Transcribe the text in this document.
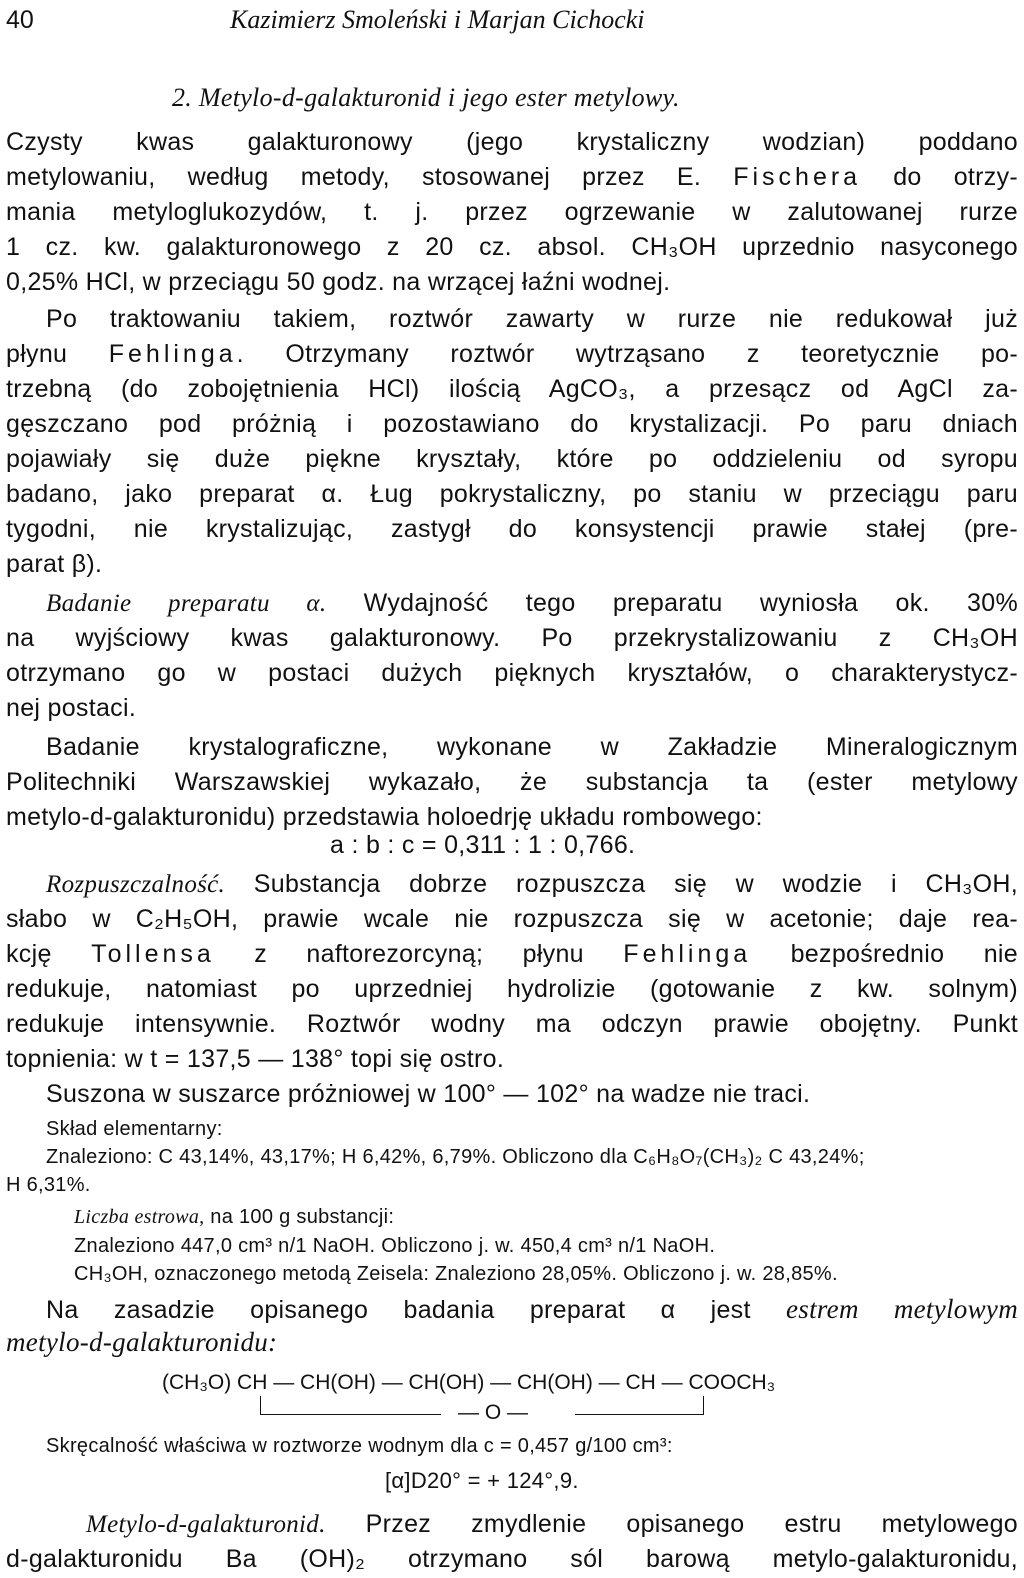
40	Kazimierz Smoleński i Marjan Cichocki
2. Metylo-d-galakturonid i jego ester metylowy.
Czysty kwas galakturonowy (jego krystaliczny wodzian) poddano
metylowaniu, według metody, stosowanej przez E. Fischera do otrzy-
mania metyloglukozydów, t. j. przez ogrzewanie w zalutowanej rurze
1 cz. kw. galakturonowego z 20 cz. absol. CH₃OH uprzednio nasyconego
0,25% HCl, w przeciągu 50 godz. na wrzącej łaźni wodnej.
Po traktowaniu takiem, roztwór zawarty w rurze nie redukował już
płynu Fehlinga. Otrzymany roztwór wytrząsano z teoretycznie po-
trzebną (do zobojętnienia HCl) ilością AgCO₃, a przesącz od AgCl za-
gęszczano pod próżnią i pozostawiano do krystalizacji. Po paru dniach
pojawiały się duże piękne kryształy, które po oddzieleniu od syropu
badano, jako preparat α. Ług pokrystaliczny, po staniu w przeciągu paru
tygodni, nie krystalizując, zastygł do konsystencji prawie stałej (pre-
parat β).
Badanie preparatu α. Wydajność tego preparatu wyniosła ok. 30%
na wyjściowy kwas galakturonowy. Po przekrystalizowaniu z CH₃OH
otrzymano go w postaci dużych pięknych kryształów, o charakterystycz-
nej postaci.
Badanie krystalograficzne, wykonane w Zakładzie Mineralogicznym
Politechniki Warszawskiej wykazało, że substancja ta (ester metylowy
metylo-d-galakturonidu) przedstawia holoedrję układu rombowego:
a : b : c = 0,311 : 1 : 0,766.
Rozpuszczalność. Substancja dobrze rozpuszcza się w wodzie i CH₃OH,
słabo w C₂H₅OH, prawie wcale nie rozpuszcza się w acetonie; daje rea-
kcję Tollensa z naftorezorcyną; płynu Fehlinga bezpośrednio nie
redukuje, natomiast po uprzedniej hydrolizie (gotowanie z kw. solnym)
redukuje intensywnie. Roztwór wodny ma odczyn prawie obojętny. Punkt
topnienia: w t = 137,5 — 138° topi się ostro.
Suszona w suszarce próżniowej w 100° — 102° na wadze nie traci.
Skład elementarny:
Znaleziono: C 43,14%, 43,17%; H 6,42%, 6,79%. Obliczono dla C₆H₈O₇(CH₃)₂ C 43,24%;
H 6,31%.
Liczba estrowa, na 100 g substancji:
Znaleziono 447,0 cm³ n/1 NaOH. Obliczono j. w. 450,4 cm³ n/1 NaOH.
CH₃OH, oznaczonego metodą Zeisela: Znaleziono 28,05%. Obliczono j. w. 28,85%.
Na zasadzie opisanego badania preparat α jest estrem metylowym
metylo-d-galakturonidu:
(CH₃O) CH — CH(OH) — CH(OH) — CH(OH) — CH — COOCH₃
— O —
Skręcalność właściwa w roztworze wodnym dla c = 0,457 g/100 cm³:
[α]D20° = + 124°,9.
Metylo-d-galakturonid. Przez zmydlenie opisanego estru metylowego
d-galakturonidu Ba (OH)₂ otrzymano sól barową metylo-galakturonidu,
